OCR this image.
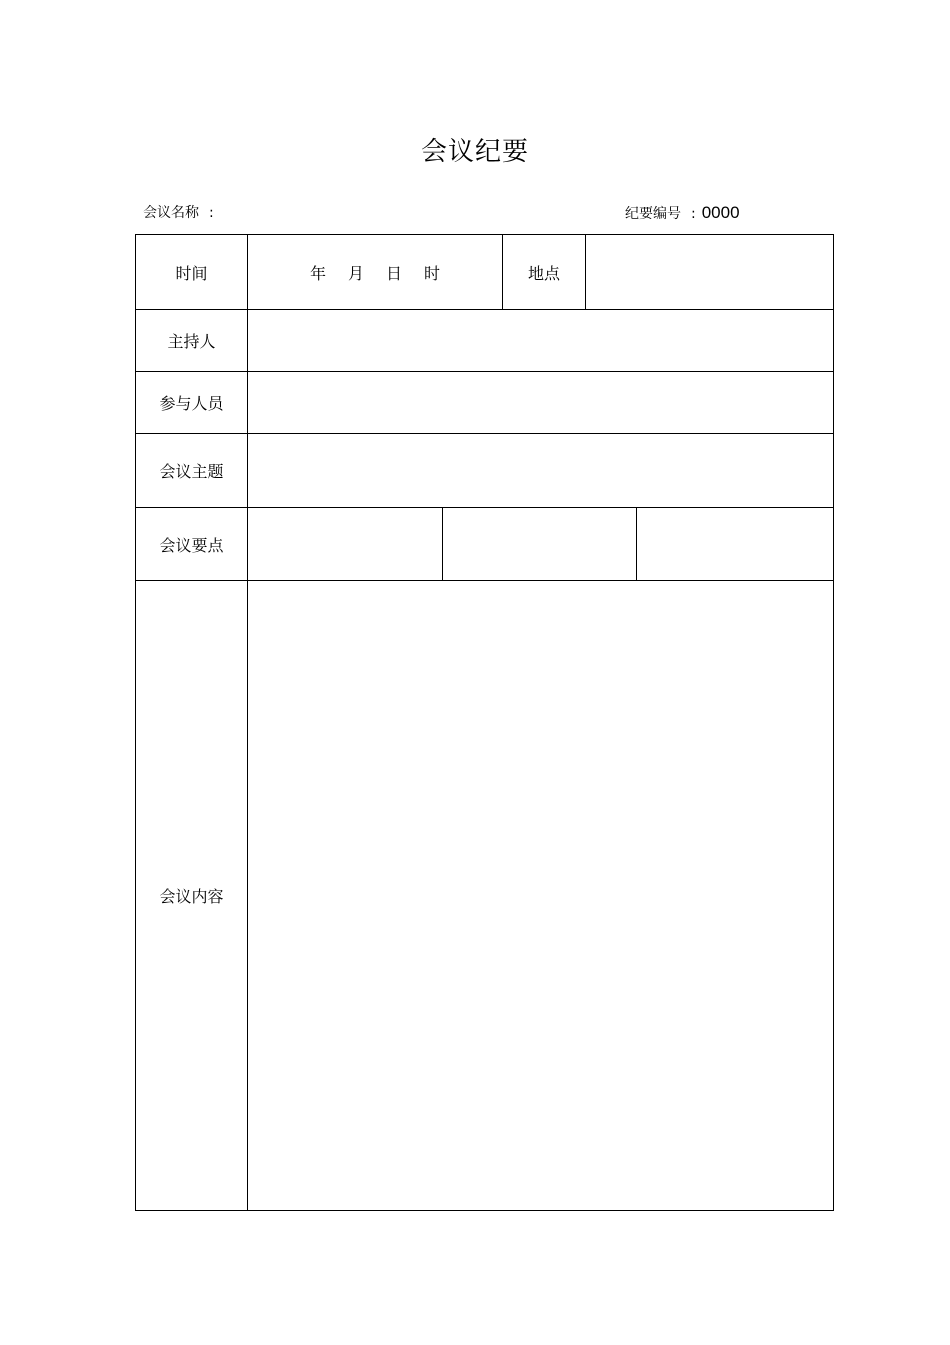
会议纪要
会议名称 :	纪要编号 : 0000
时间	年 月 日 时		地点		
主持人					
参与人员					
会议主题					
会议要点					
会议内容					
